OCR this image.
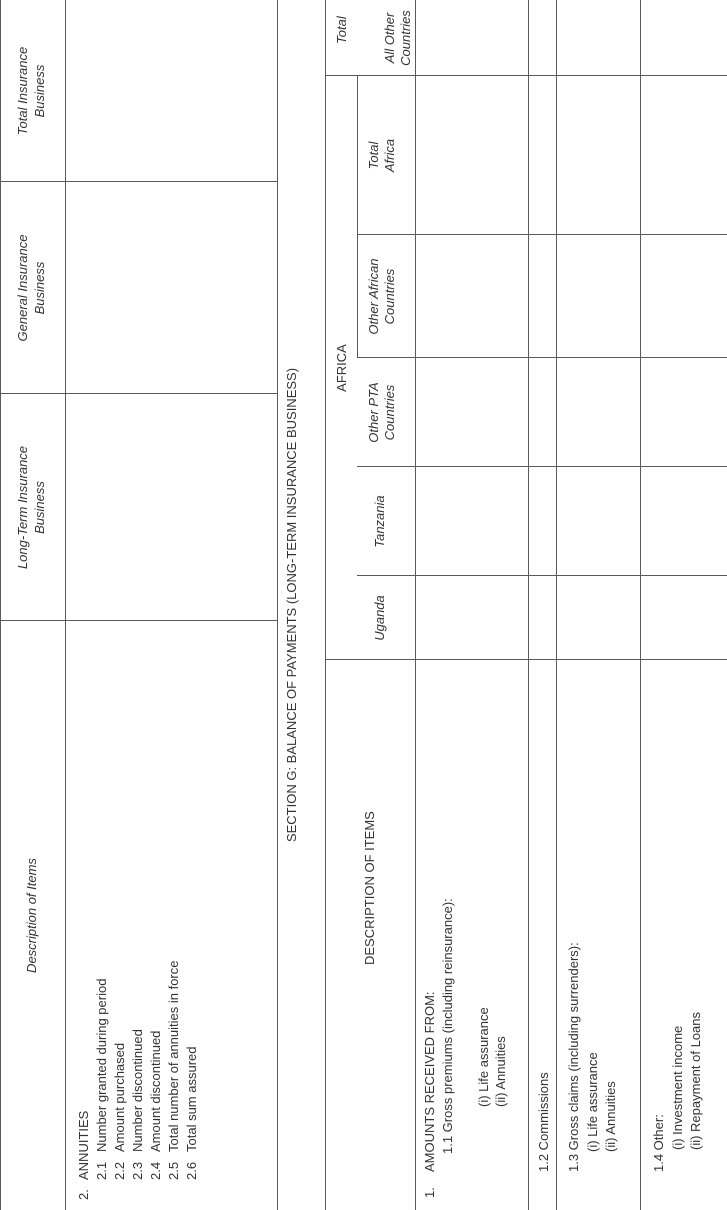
Description of Items
Long-Term Insurance Business
General Insurance Business
Total Insurance Business
2.
ANNUITIES 2.1
Number granted during period
2.2
Amount purchased
2.3
Number discontinued
2.4
Amount discontinued
2.5
Total number of annuities in force
2.6
Total sum assured
SECTION G: BALANCE OF PAYMENTS (LONG-TERM INSURANCE BUSINESS)
DESCRIPTION OF ITEMS
AFRICA
Uganda
Tanzania
Other PTA Countries
Other African Countries
Total Africa
All Other Countries
Total
1.
AMOUNTS RECEIVED FROM: 1.1 Gross premiums (including reinsurance): (i) Life assurance (ii) Annuities
1.2 Commissions 1.3 Gross claims (including surrenders): (i) Life assurance (ii) Annuities	1.4 Other: (i) Investment income (ii) Repayment of Loans
